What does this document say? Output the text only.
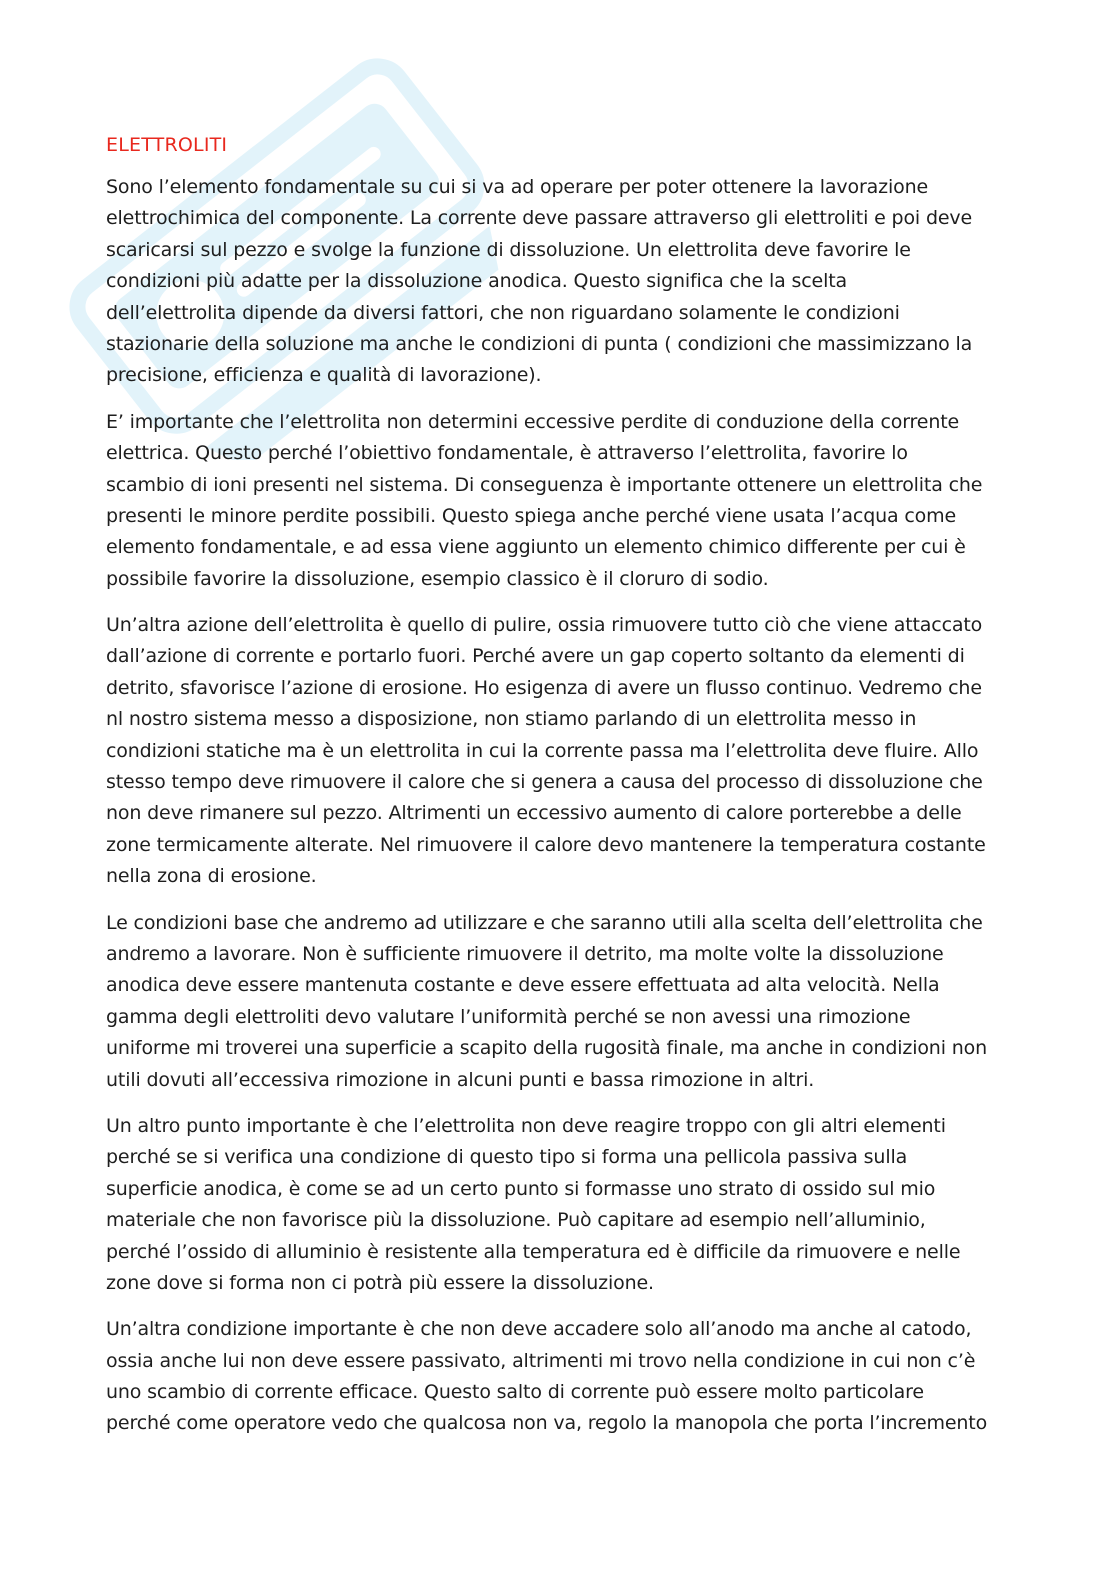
ELETTROLITI

Sono l’elemento fondamentale su cui si va ad operare per poter ottenere la lavorazione
elettrochimica del componente. La corrente deve passare attraverso gli elettroliti e poi deve
scaricarsi sul pezzo e svolge la funzione di dissoluzione. Un elettrolita deve favorire le
condizioni più adatte per la dissoluzione anodica. Questo significa che la scelta
dell’elettrolita dipende da diversi fattori, che non riguardano solamente le condizioni
stazionarie della soluzione ma anche le condizioni di punta ( condizioni che massimizzano la
precisione, efficienza e qualità di lavorazione).

E’ importante che l’elettrolita non determini eccessive perdite di conduzione della corrente
elettrica. Questo perché l’obiettivo fondamentale, è attraverso l’elettrolita, favorire lo
scambio di ioni presenti nel sistema. Di conseguenza è importante ottenere un elettrolita che
presenti le minore perdite possibili. Questo spiega anche perché viene usata l’acqua come
elemento fondamentale, e ad essa viene aggiunto un elemento chimico differente per cui è
possibile favorire la dissoluzione, esempio classico è il cloruro di sodio.

Un’altra azione dell’elettrolita è quello di pulire, ossia rimuovere tutto ciò che viene attaccato
dall’azione di corrente e portarlo fuori. Perché avere un gap coperto soltanto da elementi di
detrito, sfavorisce l’azione di erosione. Ho esigenza di avere un flusso continuo. Vedremo che
nl nostro sistema messo a disposizione, non stiamo parlando di un elettrolita messo in
condizioni statiche ma è un elettrolita in cui la corrente passa ma l’elettrolita deve fluire. Allo
stesso tempo deve rimuovere il calore che si genera a causa del processo di dissoluzione che
non deve rimanere sul pezzo. Altrimenti un eccessivo aumento di calore porterebbe a delle
zone termicamente alterate. Nel rimuovere il calore devo mantenere la temperatura costante
nella zona di erosione.

Le condizioni base che andremo ad utilizzare e che saranno utili alla scelta dell’elettrolita che
andremo a lavorare. Non è sufficiente rimuovere il detrito, ma molte volte la dissoluzione
anodica deve essere mantenuta costante e deve essere effettuata ad alta velocità. Nella
gamma degli elettroliti devo valutare l’uniformità perché se non avessi una rimozione
uniforme mi troverei una superficie a scapito della rugosità finale, ma anche in condizioni non
utili dovuti all’eccessiva rimozione in alcuni punti e bassa rimozione in altri.

Un altro punto importante è che l’elettrolita non deve reagire troppo con gli altri elementi
perché se si verifica una condizione di questo tipo si forma una pellicola passiva sulla
superficie anodica, è come se ad un certo punto si formasse uno strato di ossido sul mio
materiale che non favorisce più la dissoluzione. Può capitare ad esempio nell’alluminio,
perché l’ossido di alluminio è resistente alla temperatura ed è difficile da rimuovere e nelle
zone dove si forma non ci potrà più essere la dissoluzione.

Un’altra condizione importante è che non deve accadere solo all’anodo ma anche al catodo,
ossia anche lui non deve essere passivato, altrimenti mi trovo nella condizione in cui non c’è
uno scambio di corrente efficace. Questo salto di corrente può essere molto particolare
perché come operatore vedo che qualcosa non va, regolo la manopola che porta l’incremento
